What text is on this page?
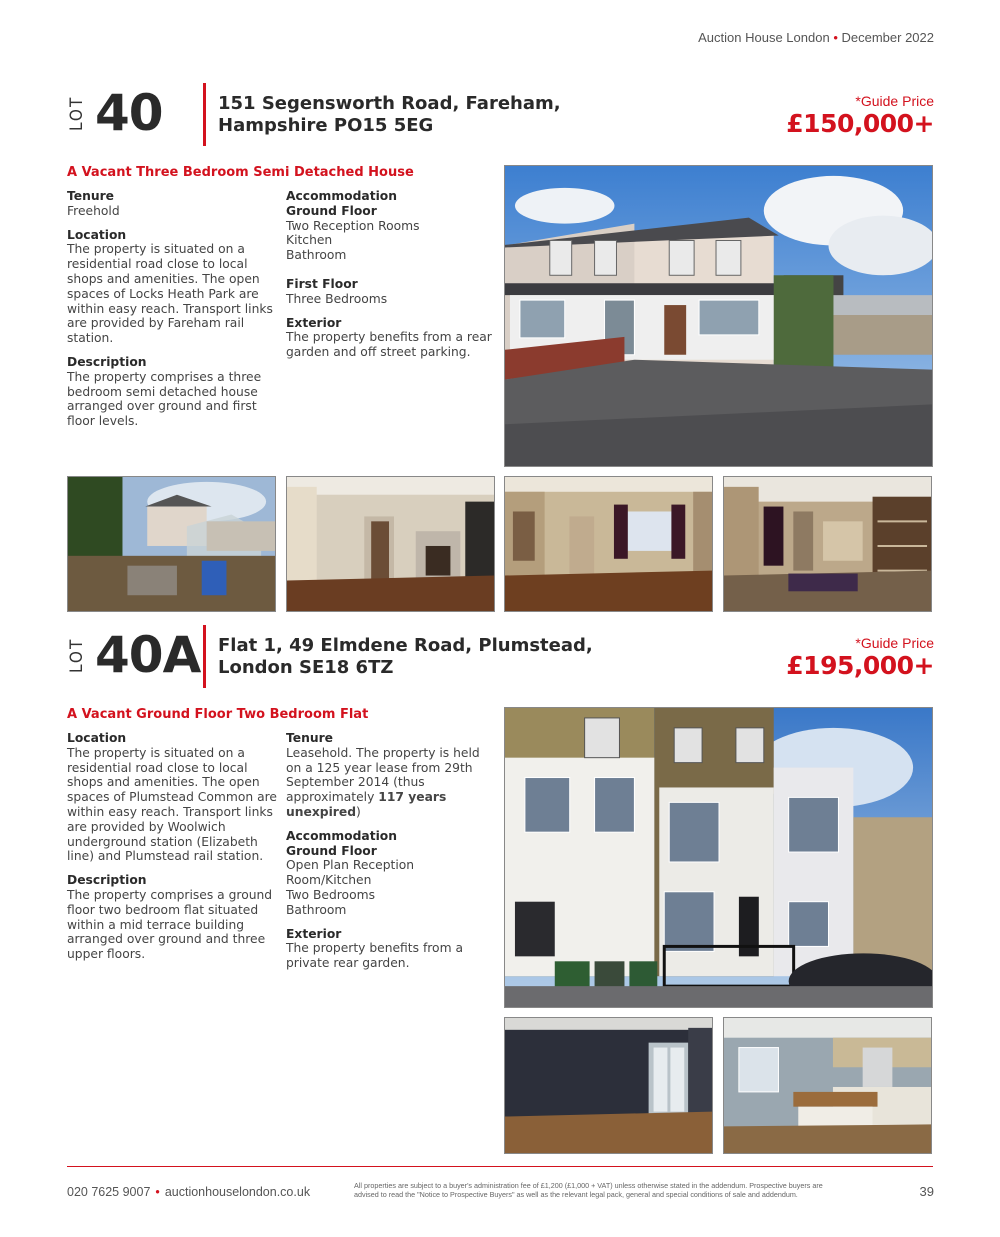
Auction House London • December 2022
LOT 40	151 Segensworth Road, Fareham,
Hampshire PO15 5EG
*Guide Price
£150,000+
A Vacant Three Bedroom Semi Detached House
Tenure

Freehold

Location

The property is situated on a residential road close to local shops and amenities. The open spaces of Locks Heath Park are within easy reach. Transport links are provided by Fareham rail station.

Description

The property comprises a three bedroom semi detached house arranged over ground and first floor levels.

Accommodation
Ground Floor
Two Reception Rooms
Kitchen
Bathroom
First Floor

Three Bedrooms

Exterior

The property benefits from a rear garden and off street parking.

LOT 40A Flat 1, 49 Elmdene Road, Plumstead,
London SE18 6TZ
*Guide Price
£195,000+
A Vacant Ground Floor Two Bedroom Flat
Location

The property is situated on a residential road close to local shops and amenities. The open spaces of Plumstead Common are within easy reach. Transport links are provided by Woolwich underground station (Elizabeth line) and Plumstead rail station.

Description

The property comprises a ground floor two bedroom flat situated within a mid terrace building arranged over ground and three upper floors.

Tenure

Leasehold. The property is held on a 125 year lease from 29th September 2014 (thus approximately 117 years unexpired)

Accommodation
Ground Floor
Open Plan Reception Room/Kitchen
Two Bedrooms
Bathroom
Exterior

The property benefits from a private rear garden.

020 7625 9007 • auctionhouselondon.co.uk	All properties are subject to a buyer's administration fee of £1,200 (£1,000 + VAT) unless otherwise stated in the addendum. Prospective buyers are advised to read the "Notice to Prospective Buyers" as well as the relevant legal pack, general and special conditions of sale and addendum.	39
